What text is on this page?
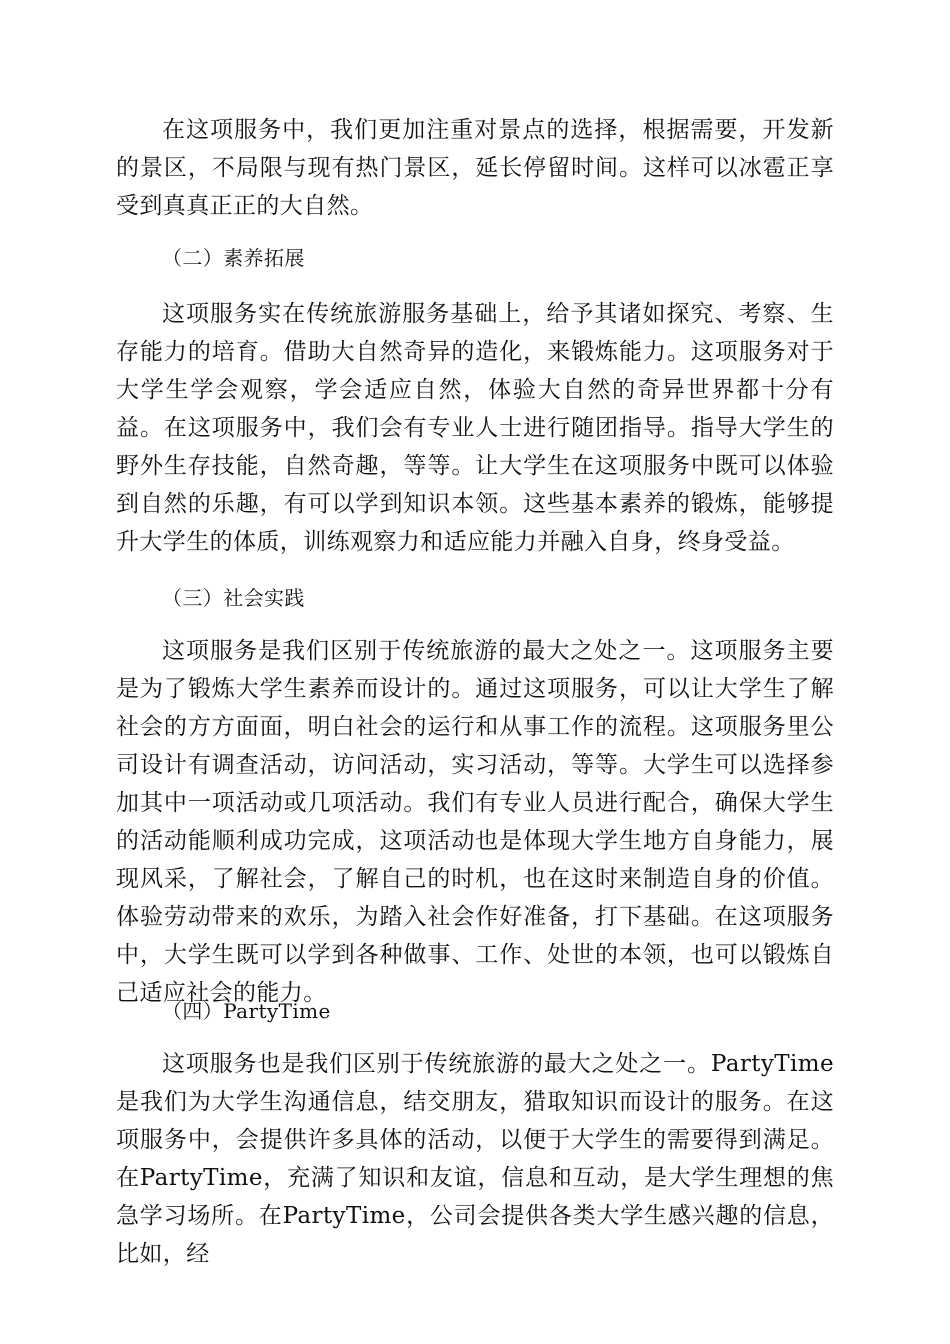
在这项服务中，我们更加注重对景点的选择，根据需要，开发新的景区，不局限与现有热门景区，延长停留时间。这样可以冰雹正享受到真真正正的大自然。

（二）素养拓展

这项服务实在传统旅游服务基础上，给予其诸如探究、考察、生存能力的培育。借助大自然奇异的造化，来锻炼能力。这项服务对于大学生学会观察，学会适应自然，体验大自然的奇异世界都十分有益。在这项服务中，我们会有专业人士进行随团指导。指导大学生的野外生存技能，自然奇趣，等等。让大学生在这项服务中既可以体验到自然的乐趣，有可以学到知识本领。这些基本素养的锻炼，能够提升大学生的体质，训练观察力和适应能力并融入自身，终身受益。

（三）社会实践

这项服务是我们区别于传统旅游的最大之处之一。这项服务主要是为了锻炼大学生素养而设计的。通过这项服务，可以让大学生了解社会的方方面面，明白社会的运行和从事工作的流程。这项服务里公司设计有调查活动，访问活动，实习活动，等等。大学生可以选择参加其中一项活动或几项活动。我们有专业人员进行配合，确保大学生的活动能顺利成功完成，这项活动也是体现大学生地方自身能力，展现风采，了解社会，了解自己的时机，也在这时来制造自身的价值。体验劳动带来的欢乐，为踏入社会作好准备，打下基础。在这项服务中，大学生既可以学到各种做事、工作、处世的本领，也可以锻炼自己适应社会的能力。

（四）PartyTime

这项服务也是我们区别于传统旅游的最大之处之一。PartyTime是我们为大学生沟通信息，结交朋友，猎取知识而设计的服务。在这项服务中，会提供许多具体的活动，以便于大学生的需要得到满足。在PartyTime，充满了知识和友谊，信息和互动，是大学生理想的焦急学习场所。在PartyTime，公司会提供各类大学生感兴趣的信息，比如，经
